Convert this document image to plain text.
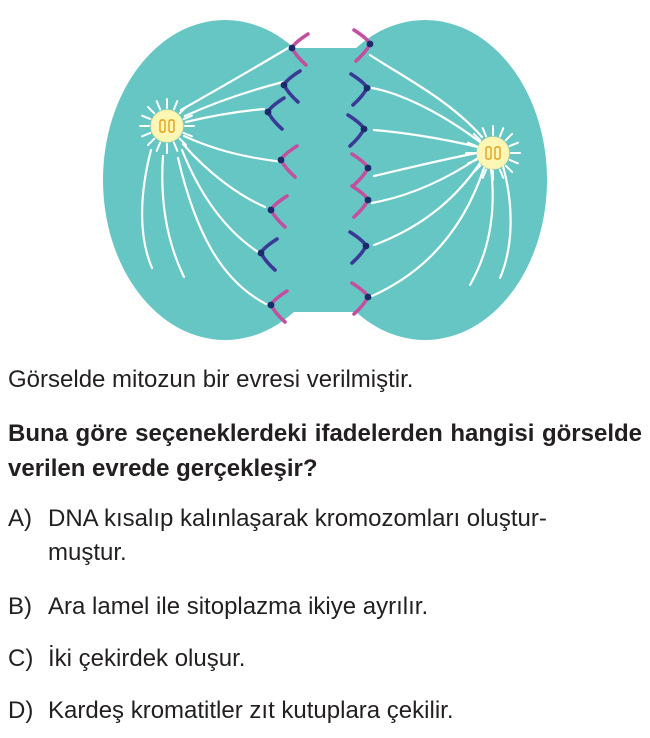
Görselde mitozun bir evresi verilmiştir.
Buna göre seçeneklerdeki ifadelerden hangisi görselde verilen evrede gerçekleşir?
A) DNA kısalıp kalınlaşarak kromozomları oluştur-
muştur.
B) Ara lamel ile sitoplazma ikiye ayrılır.
C) İki çekirdek oluşur.
D) Kardeş kromatitler zıt kutuplara çekilir.
